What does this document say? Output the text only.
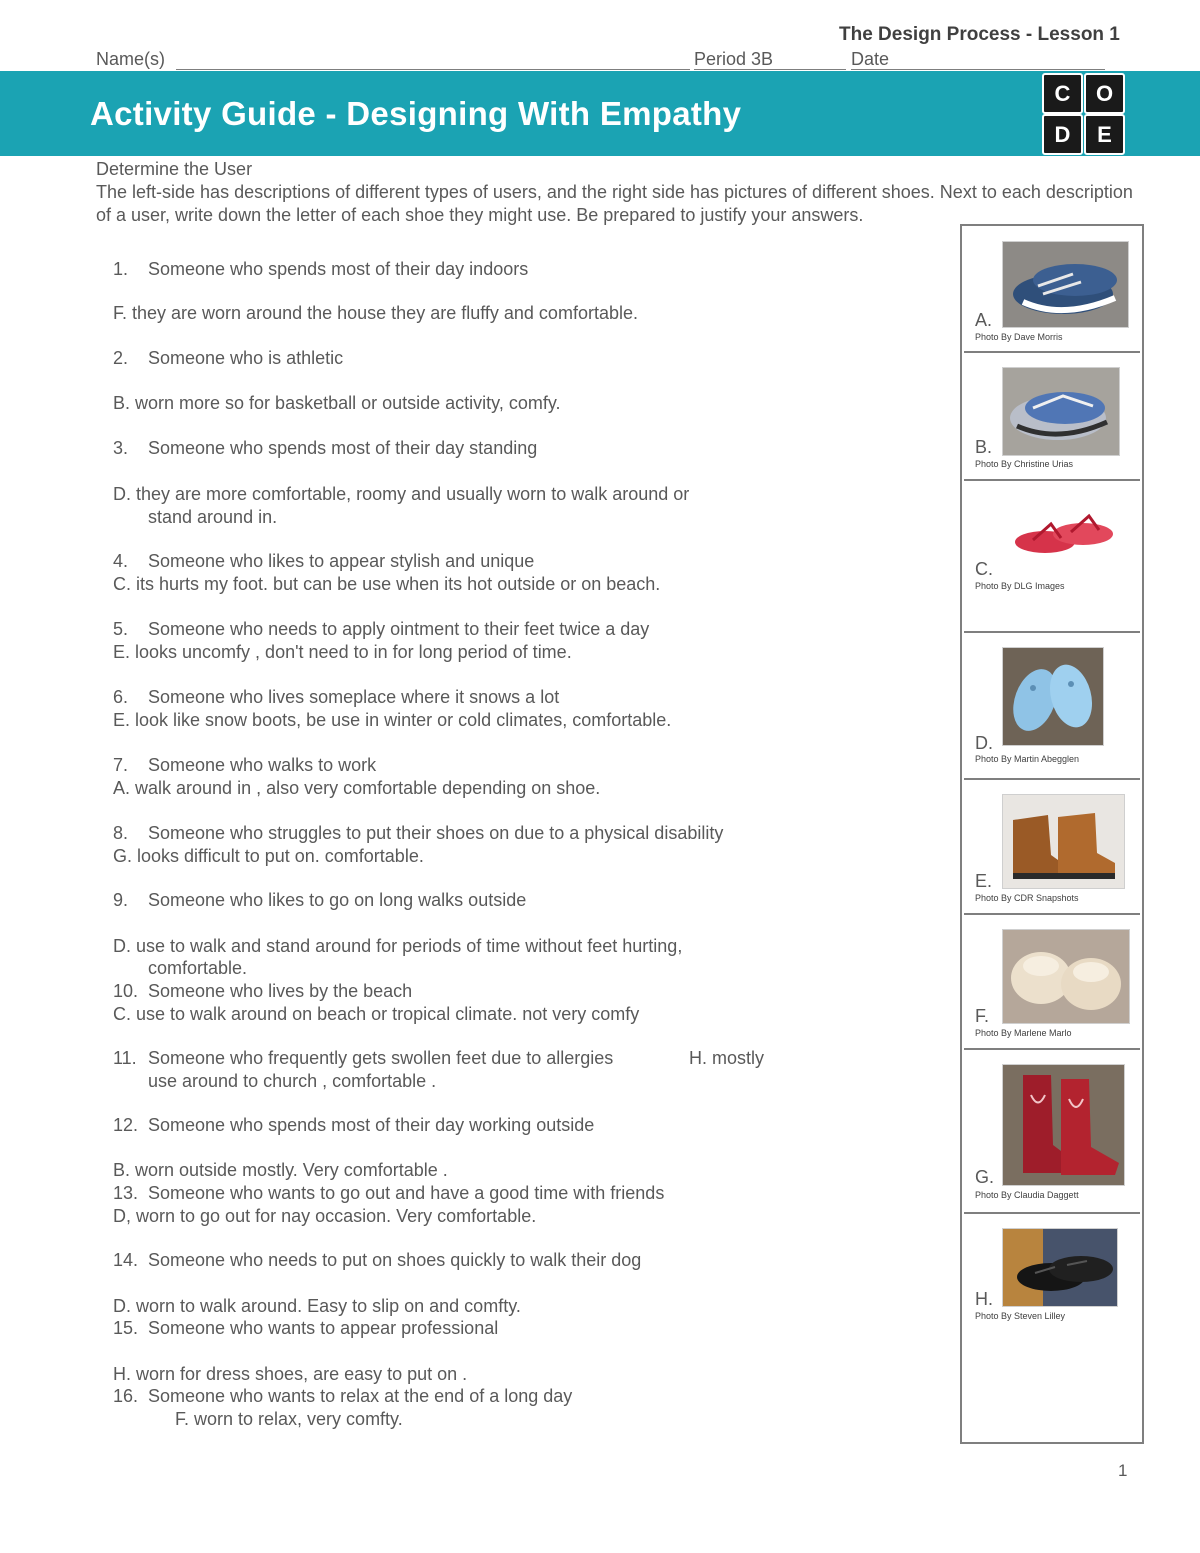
The Design Process - Lesson 1
Name(s)	Period 3B	Date
Activity Guide - Designing With Empathy
C	O
D	E
Determine the User
The left-side has descriptions of different types of users, and the right side has pictures of different shoes. Next to each description of a user, write down the letter of each shoe they might use. Be prepared to justify your answers.
1. Someone who spends most of their day indoors
F. they are worn around the house they are fluffy and comfortable.
2. Someone who is athletic
B. worn more so for basketball or outside activity, comfy.
3. Someone who spends most of their day standing
D. they are more comfortable, roomy and usually worn to walk around or
stand around in.
4. Someone who likes to appear stylish and unique
C. its hurts my foot. but can be use when its hot outside or on beach.
5. Someone who needs to apply ointment to their feet twice a day
E. looks uncomfy , don't need to in for long period of time.
6. Someone who lives someplace where it snows a lot
E. look like snow boots, be use in winter or cold climates, comfortable.
7. Someone who walks to work
A. walk around in , also very comfortable depending on shoe.
8. Someone who struggles to put their shoes on due to a physical disability
G. looks difficult to put on. comfortable.
9. Someone who likes to go on long walks outside
D. use to walk and stand around for periods of time without feet hurting,
comfortable.
10. Someone who lives by the beach
C. use to walk around on beach or tropical climate. not very comfy
11. Someone who frequently gets swollen feet due to allergies	H. mostly
use around to church , comfortable .
12. Someone who spends most of their day working outside
B. worn outside mostly. Very comfortable .
13. Someone who wants to go out and have a good time with friends
D, worn to go out for nay occasion. Very comfortable.
14. Someone who needs to put on shoes quickly to walk their dog
D. worn to walk around. Easy to slip on and comfty.
15. Someone who wants to appear professional
H. worn for dress shoes, are easy to put on .
16. Someone who wants to relax at the end of a long day
F. worn to relax, very comfty.
A.
Photo By Dave Morris
B.
Photo By Christine Urias
C.
Photo By DLG Images
D.
Photo By Martin Abegglen
E.
Photo By CDR Snapshots
F.
Photo By Marlene Marlo
G.
Photo By Claudia Daggett
H.
Photo By Steven Lilley
1
